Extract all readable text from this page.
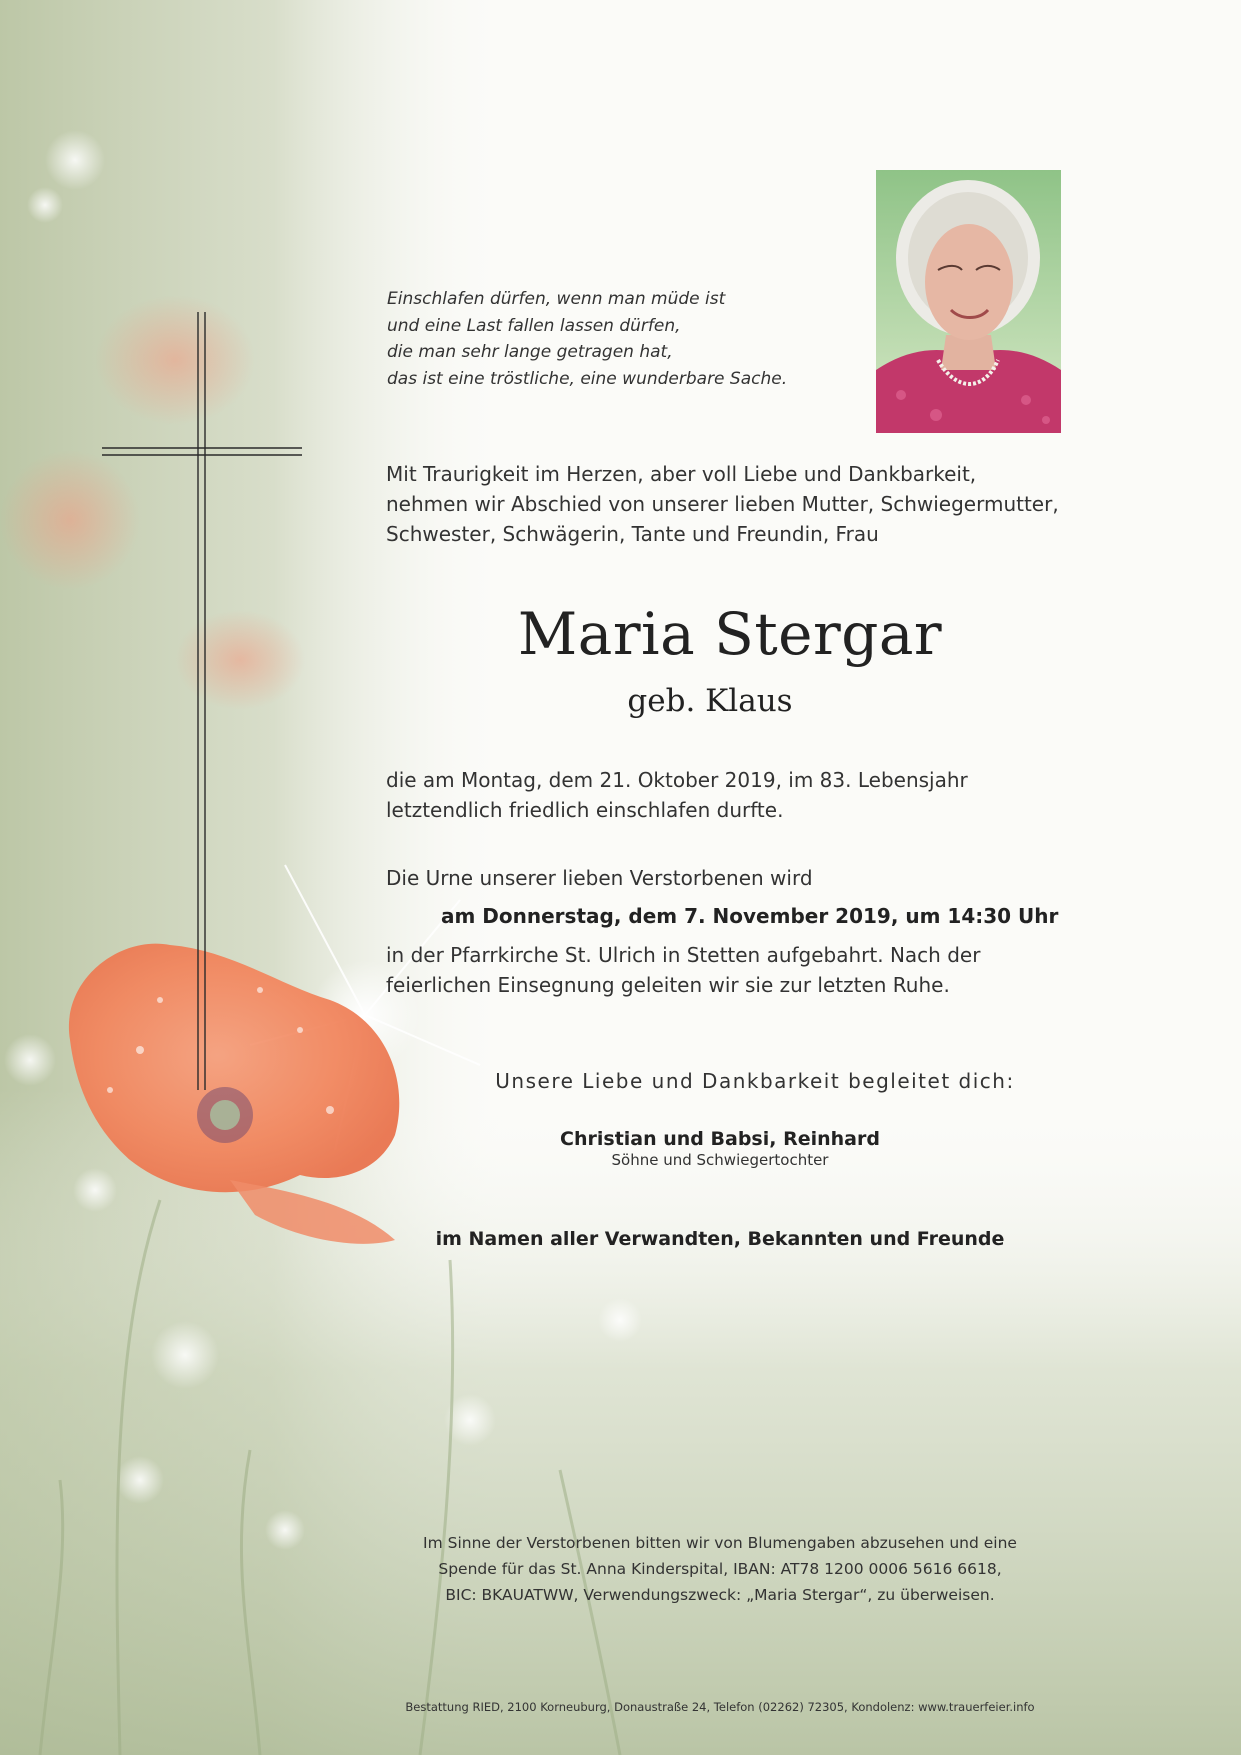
Einschlafen dürfen, wenn man müde ist
und eine Last fallen lassen dürfen,
die man sehr lange getragen hat,
das ist eine tröstliche, eine wunderbare Sache.
Mit Traurigkeit im Herzen, aber voll Liebe und Dankbarkeit,
nehmen wir Abschied von unserer lieben Mutter, Schwiegermutter,
Schwester, Schwägerin, Tante und Freundin, Frau
Maria Stergar
geb. Klaus
die am Montag, dem 21. Oktober 2019, im 83. Lebensjahr
letztendlich friedlich einschlafen durfte.
Die Urne unserer lieben Verstorbenen wird
am Donnerstag, dem 7. November 2019, um 14:30 Uhr
in der Pfarrkirche St. Ulrich in Stetten aufgebahrt. Nach der
feierlichen Einsegnung geleiten wir sie zur letzten Ruhe.
Unsere Liebe und Dankbarkeit begleitet dich:
Christian und Babsi, Reinhard
Söhne und Schwiegertochter
im Namen aller Verwandten, Bekannten und Freunde
Im Sinne der Verstorbenen bitten wir von Blumengaben abzusehen und eine
Spende für das St. Anna Kinderspital, IBAN: AT78 1200 0006 5616 6618,
BIC: BKAUATWW, Verwendungszweck: „Maria Stergar“, zu überweisen.
Bestattung RIED, 2100 Korneuburg, Donaustraße 24, Telefon (02262) 72305, Kondolenz: www.trauerfeier.info
